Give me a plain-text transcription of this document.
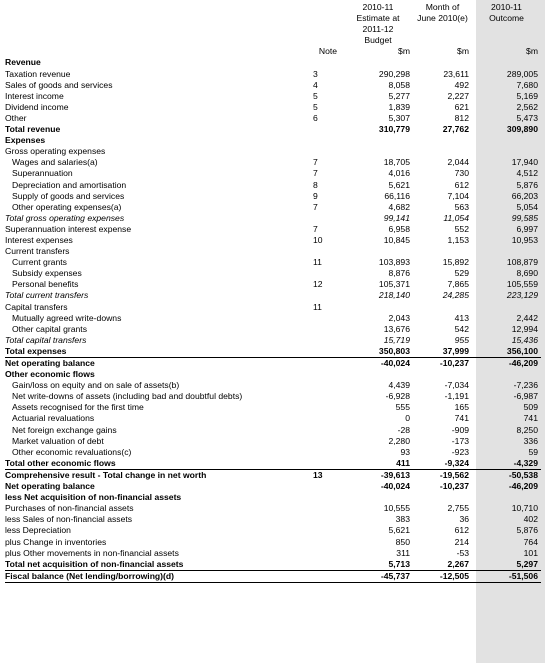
		2010-11	Month of	2010-11
		Estimate at	June 2010(e)	Outcome
		2011-12		
		Budget		
	Note	$m	$m	$m
Revenue				
Taxation revenue	3	290,298	23,611	289,005
Sales of goods and services	4	8,058	492	7,680
Interest income	5	5,277	2,227	5,169
Dividend income	5	1,839	621	2,562
Other	6	5,307	812	5,473
Total revenue		310,779	27,762	309,890
Expenses				
Gross operating expenses				
Wages and salaries(a)	7	18,705	2,044	17,940
Superannuation	7	4,016	730	4,512
Depreciation and amortisation	8	5,621	612	5,876
Supply of goods and services	9	66,116	7,104	66,203
Other operating expenses(a)	7	4,682	563	5,054
Total gross operating expenses		99,141	11,054	99,585
Superannuation interest expense	7	6,958	552	6,997
Interest expenses	10	10,845	1,153	10,953
Current transfers				
Current grants	11	103,893	15,892	108,879
Subsidy expenses		8,876	529	8,690
Personal benefits	12	105,371	7,865	105,559
Total current transfers		218,140	24,285	223,129
Capital transfers	11			
Mutually agreed write-downs		2,043	413	2,442
Other capital grants		13,676	542	12,994
Total capital transfers		15,719	955	15,436
Total expenses		350,803	37,999	356,100
Net operating balance		-40,024	-10,237	-46,209
Other economic flows				
Gain/loss on equity and on sale of assets(b)		4,439	-7,034	-7,236
Net write-downs of assets (including bad and doubtful debts)		-6,928	-1,191	-6,987
Assets recognised for the first time		555	165	509
Actuarial revaluations		0	741	741
Net foreign exchange gains		-28	-909	8,250
Market valuation of debt		2,280	-173	336
Other economic revaluations(c)		93	-923	59
Total other economic flows		411	-9,324	-4,329
Comprehensive result - Total change in net worth	13	-39,613	-19,562	-50,538
Net operating balance		-40,024	-10,237	-46,209
less Net acquisition of non-financial assets				
Purchases of non-financial assets		10,555	2,755	10,710
less Sales of non-financial assets		383	36	402
less Depreciation		5,621	612	5,876
plus Change in inventories		850	214	764
plus Other movements in non-financial assets		311	-53	101
Total net acquisition of non-financial assets		5,713	2,267	5,297
Fiscal balance (Net lending/borrowing)(d)		-45,737	-12,505	-51,506
